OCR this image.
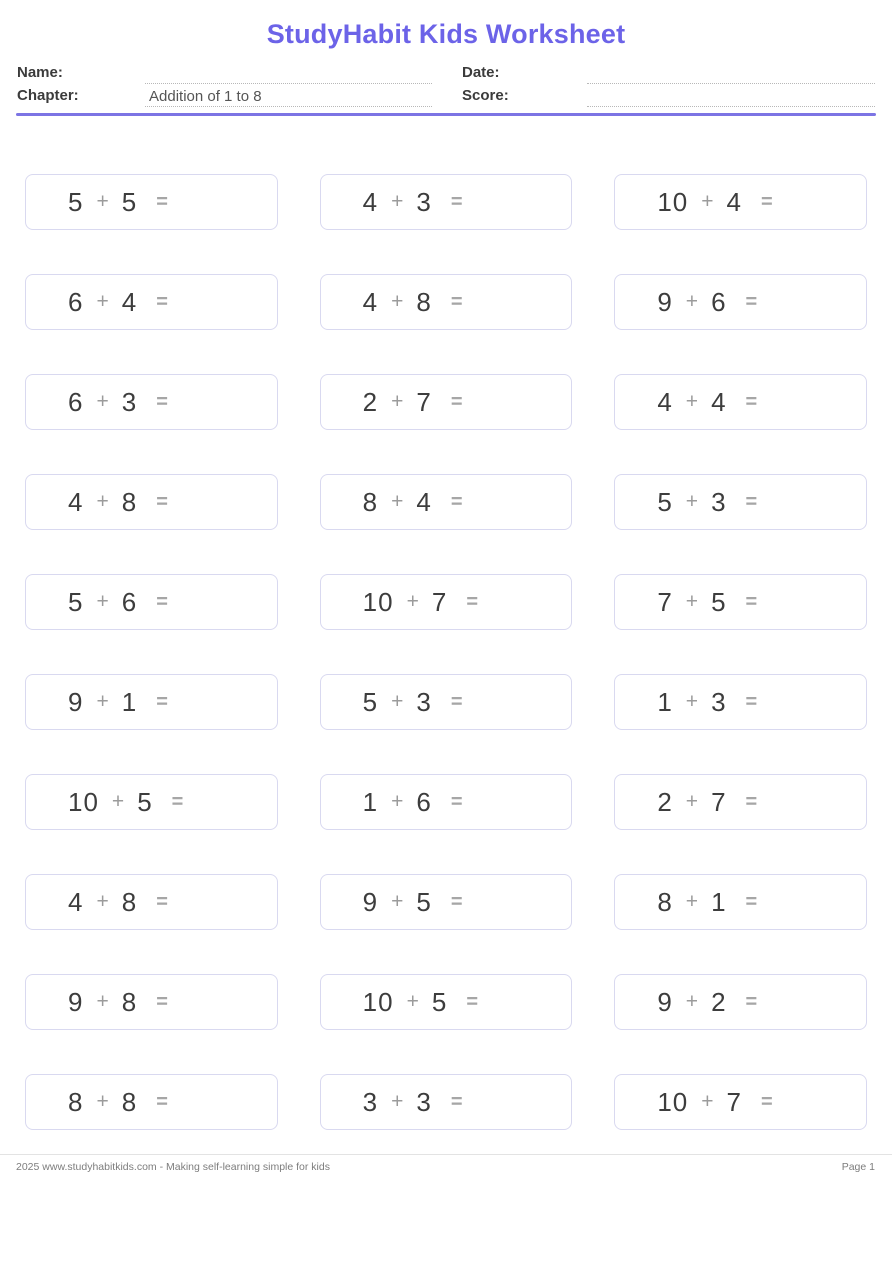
StudyHabit Kids Worksheet
Name:	Date:
Chapter:	Addition of 1 to 8	Score:
5 + 5 =	4 + 3 =	10 + 4 =
6 + 4 =	4 + 8 =	9 + 6 =
6 + 3 =	2 + 7 =	4 + 4 =
4 + 8 =	8 + 4 =	5 + 3 =
5 + 6 =	10 + 7 =	7 + 5 =
9 + 1 =	5 + 3 =	1 + 3 =
10 + 5 =	1 + 6 =	2 + 7 =
4 + 8 =	9 + 5 =	8 + 1 =
9 + 8 =	10 + 5 =	9 + 2 =
8 + 8 =	3 + 3 =	10 + 7 =
2025 www.studyhabitkids.com - Making self-learning simple for kids	Page 1
